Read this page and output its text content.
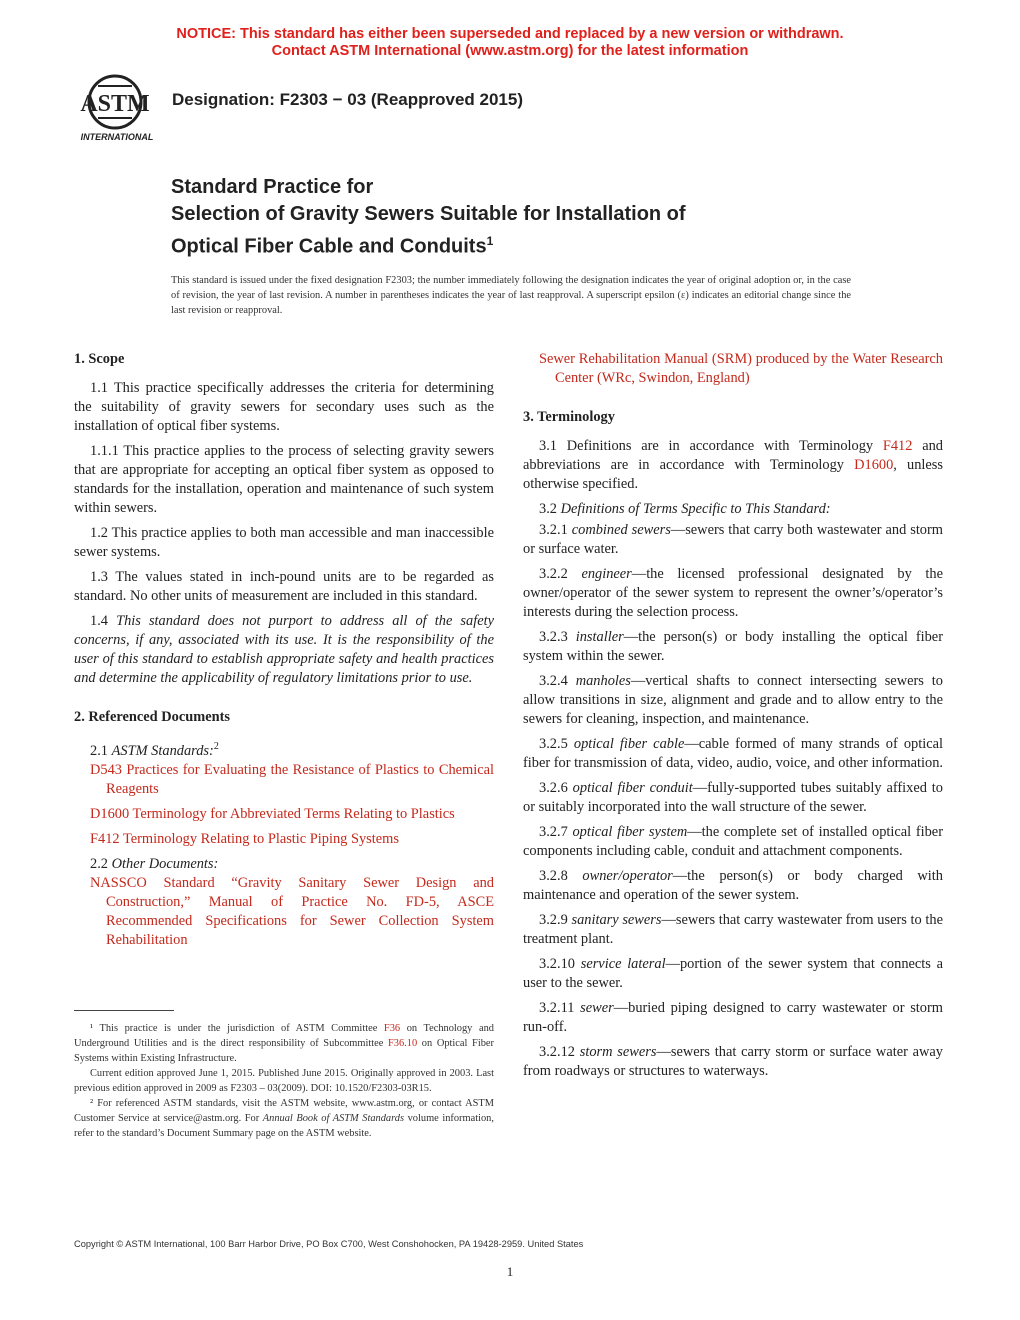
NOTICE: This standard has either been superseded and replaced by a new version or withdrawn.
Contact ASTM International (www.astm.org) for the latest information
ASTM
INTERNATIONAL
Designation: F2303 − 03 (Reapproved 2015)
Standard Practice for
Selection of Gravity Sewers Suitable for Installation of
Optical Fiber Cable and Conduits$^1$
This standard is issued under the fixed designation F2303; the number immediately following the designation indicates the year of original adoption or, in the case of revision, the year of last revision. A number in parentheses indicates the year of last reapproval. A superscript epsilon (ε) indicates an editorial change since the last revision or reapproval.
1. Scope

1.1 This practice specifically addresses the criteria for determining the suitability of gravity sewers for secondary uses such as the installation of optical fiber systems.

1.1.1 This practice applies to the process of selecting gravity sewers that are appropriate for accepting an optical fiber system as opposed to standards for the installation, operation and maintenance of such system within sewers.

1.2 This practice applies to both man accessible and man inaccessible sewer systems.

1.3 The values stated in inch-pound units are to be regarded as standard. No other units of measurement are included in this standard.

1.4 This standard does not purport to address all of the safety concerns, if any, associated with its use. It is the responsibility of the user of this standard to establish appropriate safety and health practices and determine the applicability of regulatory limitations prior to use.

2. Referenced Documents

2.1 ASTM Standards:$^2$

D543 Practices for Evaluating the Resistance of Plastics to Chemical Reagents

D1600 Terminology for Abbreviated Terms Relating to Plastics

F412 Terminology Relating to Plastic Piping Systems

2.2 Other Documents:

NASSCO Standard “Gravity Sanitary Sewer Design and Construction,” Manual of Practice No. FD-5, ASCE Recommended Specifications for Sewer Collection System Rehabilitation

Sewer Rehabilitation Manual (SRM) produced by the Water Research Center (WRc, Swindon, England)

3. Terminology

3.1 Definitions are in accordance with Terminology F412 and abbreviations are in accordance with Terminology D1600, unless otherwise specified.

3.2 Definitions of Terms Specific to This Standard:

3.2.1 combined sewers—sewers that carry both wastewater and storm or surface water.

3.2.2 engineer—the licensed professional designated by the owner/operator of the sewer system to represent the owner’s/operator’s interests during the selection process.

3.2.3 installer—the person(s) or body installing the optical fiber system within the sewer.

3.2.4 manholes—vertical shafts to connect intersecting sewers to allow transitions in size, alignment and grade and to allow entry to the sewers for cleaning, inspection, and maintenance.

3.2.5 optical fiber cable—cable formed of many strands of optical fiber for transmission of data, video, audio, voice, and other information.

3.2.6 optical fiber conduit—fully-supported tubes suitably affixed to or suitably incorporated into the wall structure of the sewer.

3.2.7 optical fiber system—the complete set of installed optical fiber components including cable, conduit and attachment components.

3.2.8 owner/operator—the person(s) or body charged with maintenance and operation of the sewer system.

3.2.9 sanitary sewers—sewers that carry wastewater from users to the treatment plant.

3.2.10 service lateral—portion of the sewer system that connects a user to the sewer.

3.2.11 sewer—buried piping designed to carry wastewater or storm run-off.

3.2.12 storm sewers—sewers that carry storm or surface water away from roadways or structures to waterways.

¹ This practice is under the jurisdiction of ASTM Committee F36 on Technology and Underground Utilities and is the direct responsibility of Subcommittee F36.10 on Optical Fiber Systems within Existing Infrastructure.

Current edition approved June 1, 2015. Published June 2015. Originally approved in 2003. Last previous edition approved in 2009 as F2303 – 03(2009). DOI: 10.1520/F2303-03R15.

² For referenced ASTM standards, visit the ASTM website, www.astm.org, or contact ASTM Customer Service at service@astm.org. For Annual Book of ASTM Standards volume information, refer to the standard’s Document Summary page on the ASTM website.

Copyright © ASTM International, 100 Barr Harbor Drive, PO Box C700, West Conshohocken, PA 19428-2959. United States
1
